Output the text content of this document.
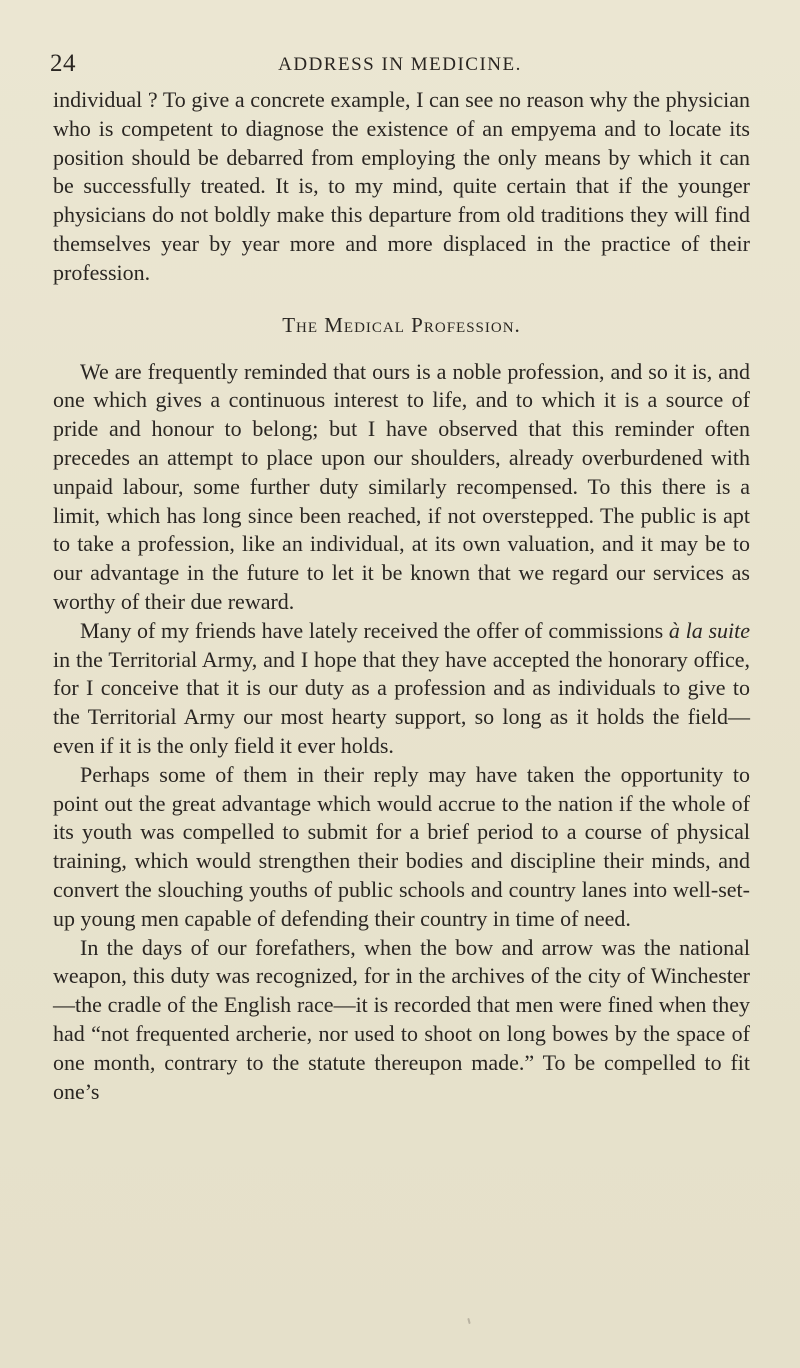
24	ADDRESS IN MEDICINE.

individual ? To give a concrete example, I can see no reason why the physician who is competent to diagnose the existence of an empyema and to locate its position should be debarred from employing the only means by which it can be successfully treated. It is, to my mind, quite certain that if the younger physicians do not boldly make this departure from old traditions they will find themselves year by year more and more displaced in the practice of their profession.

The Medical Profession.

We are frequently reminded that ours is a noble profession, and so it is, and one which gives a continuous interest to life, and to which it is a source of pride and honour to belong; but I have observed that this reminder often precedes an attempt to place upon our shoulders, already overburdened with unpaid labour, some further duty similarly recompensed. To this there is a limit, which has long since been reached, if not overstepped. The public is apt to take a profession, like an individual, at its own valuation, and it may be to our advantage in the future to let it be known that we regard our services as worthy of their due reward.

Many of my friends have lately received the offer of commissions à la suite in the Territorial Army, and I hope that they have accepted the honorary office, for I conceive that it is our duty as a profession and as individuals to give to the Territorial Army our most hearty support, so long as it holds the field—even if it is the only field it ever holds.

Perhaps some of them in their reply may have taken the opportunity to point out the great advantage which would accrue to the nation if the whole of its youth was compelled to submit for a brief period to a course of physical training, which would strengthen their bodies and discipline their minds, and convert the slouching youths of public schools and country lanes into well-set-up young men capable of defending their country in time of need.

In the days of our forefathers, when the bow and arrow was the national weapon, this duty was recognized, for in the archives of the city of Winchester—the cradle of the English race—it is recorded that men were fined when they had “not frequented archerie, nor used to shoot on long bowes by the space of one month, contrary to the statute thereupon made.” To be compelled to fit one’s
